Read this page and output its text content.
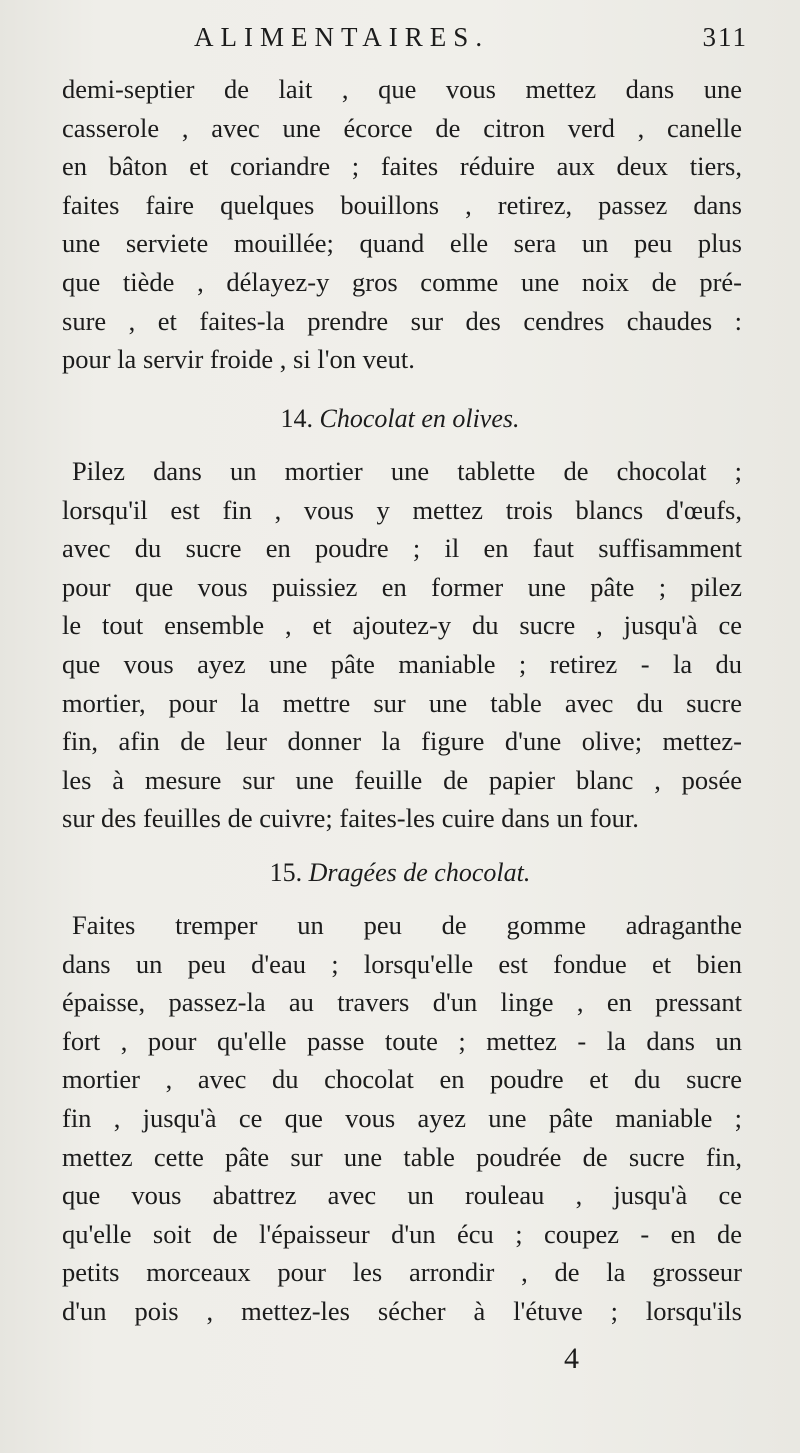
ALIMENTAIRES.	311
demi-septier de lait , que vous mettez dans une
casserole , avec une écorce de citron verd , canelle
en bâton et coriandre ; faites réduire aux deux tiers,
faites faire quelques bouillons , retirez, passez dans
une serviete mouillée; quand elle sera un peu plus
que tiède , délayez-y gros comme une noix de pré-
sure , et faites-la prendre sur des cendres chaudes :
pour la servir froide , si l'on veut.
14. Chocolat en olives.
Pilez dans un mortier une tablette de chocolat ;
lorsqu'il est fin , vous y mettez trois blancs d'œufs,
avec du sucre en poudre ; il en faut suffisamment
pour que vous puissiez en former une pâte ; pilez
le tout ensemble , et ajoutez-y du sucre , jusqu'à ce
que vous ayez une pâte maniable ; retirez - la du
mortier, pour la mettre sur une table avec du sucre
fin, afin de leur donner la figure d'une olive; mettez-
les à mesure sur une feuille de papier blanc , posée
sur des feuilles de cuivre; faites-les cuire dans un four.
15. Dragées de chocolat.
Faites tremper un peu de gomme adraganthe
dans un peu d'eau ; lorsqu'elle est fondue et bien
épaisse, passez-la au travers d'un linge , en pressant
fort , pour qu'elle passe toute ; mettez - la dans un
mortier , avec du chocolat en poudre et du sucre
fin , jusqu'à ce que vous ayez une pâte maniable ;
mettez cette pâte sur une table poudrée de sucre fin,
que vous abattrez avec un rouleau , jusqu'à ce
qu'elle soit de l'épaisseur d'un écu ; coupez - en de
petits morceaux pour les arrondir , de la grosseur
d'un pois , mettez-les sécher à l'étuve ; lorsqu'ils
4
